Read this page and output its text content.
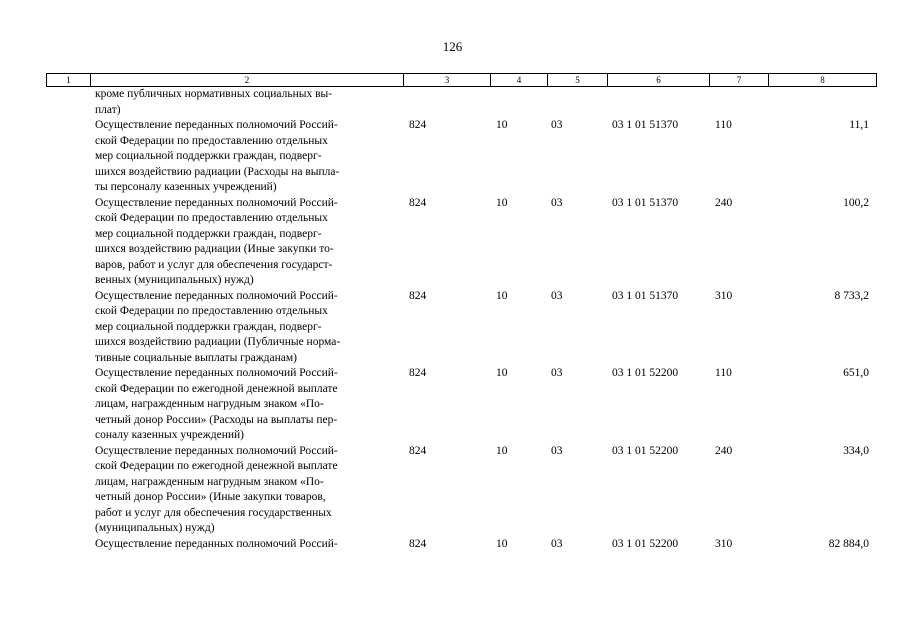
126
1	2	3	4	5	6	7	8
кроме публичных нормативных социальных вы-
плат)
Осуществление переданных полномочий Россий-
ской Федерации по предоставлению отдельных
мер социальной поддержки граждан, подверг-
шихся воздействию радиации (Расходы на выпла-
ты персоналу казенных учреждений)
824	10	03	03 1 01 51370	110	11,1
Осуществление переданных полномочий Россий-
ской Федерации по предоставлению отдельных
мер социальной поддержки граждан, подверг-
шихся воздействию радиации (Иные закупки то-
варов, работ и услуг для обеспечения государст-
венных (муниципальных) нужд)
824	10	03	03 1 01 51370	240	100,2
Осуществление переданных полномочий Россий-
ской Федерации по предоставлению отдельных
мер социальной поддержки граждан, подверг-
шихся воздействию радиации (Публичные норма-
тивные социальные выплаты гражданам)
824	10	03	03 1 01 51370	310	8 733,2
Осуществление переданных полномочий Россий-
ской Федерации по ежегодной денежной выплате
лицам, награжденным нагрудным знаком «По-
четный донор России» (Расходы на выплаты пер-
соналу казенных учреждений)
824	10	03	03 1 01 52200	110	651,0
Осуществление переданных полномочий Россий-
ской Федерации по ежегодной денежной выплате
лицам, награжденным нагрудным знаком «По-
четный донор России» (Иные закупки товаров,
работ и услуг для обеспечения государственных
(муниципальных) нужд)
824	10	03	03 1 01 52200	240	334,0
Осуществление переданных полномочий Россий-	824	10	03	03 1 01 52200	310	82 884,0
